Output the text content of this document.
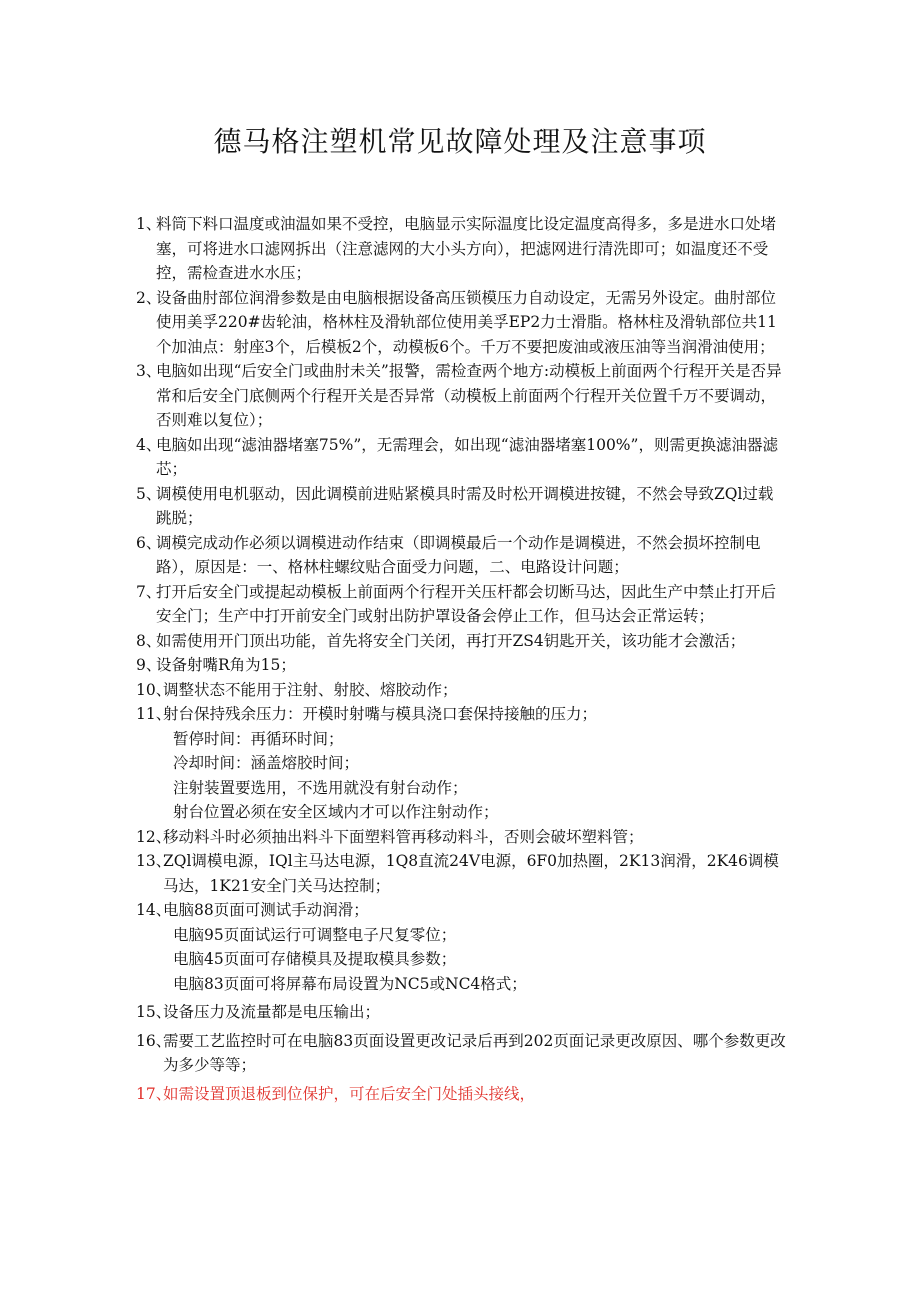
德马格注塑机常见故障处理及注意事项

1、
料筒下料口温度或油温如果不受控，电脑显示实际温度比设定温度高得多，多是进水口处堵塞，可将进水口滤网拆出（注意滤网的大小头方向），把滤网进行清洗即可；如温度还不受控，需检查进水水压；

2、
设备曲肘部位润滑参数是由电脑根据设备高压锁模压力自动设定，无需另外设定。曲肘部位使用美孚220#齿轮油，格林柱及滑轨部位使用美孚EP2力士滑脂。格林柱及滑轨部位共11个加油点：射座3个，后模板2个，动模板6个。千万不要把废油或液压油等当润滑油使用；

3、
电脑如出现“后安全门或曲肘未关”报警，需检查两个地方:动模板上前面两个行程开关是否异常和后安全门底侧两个行程开关是否异常（动模板上前面两个行程开关位置千万不要调动，否则难以复位）；

4、
电脑如出现“滤油器堵塞75%”，无需理会，如出现“滤油器堵塞100%”，则需更换滤油器滤芯；

5、
调模使用电机驱动，因此调模前进贴紧模具时需及时松开调模进按键，不然会导致ZQl过载跳脱；

6、
调模完成动作必须以调模进动作结束（即调模最后一个动作是调模进，不然会损坏控制电路），原因是：一、格林柱螺纹贴合面受力问题，二、电路设计问题；

7、
打开后安全门或提起动模板上前面两个行程开关压杆都会切断马达，因此生产中禁止打开后安全门；生产中打开前安全门或射出防护罩设备会停止工作，但马达会正常运转；

8、
如需使用开门顶出功能，首先将安全门关闭，再打开ZS4钥匙开关，该功能才会激活；

9、
设备射嘴R角为15；

10、
调整状态不能用于注射、射胶、熔胶动作；

11、
射台保持残余压力：开模时射嘴与模具浇口套保持接触的压力；

暂停时间：再循环时间；

冷却时间：涵盖熔胶时间；

注射装置要选用，不选用就没有射台动作；

射台位置必须在安全区域内才可以作注射动作；

12、
移动料斗时必须抽出料斗下面塑料管再移动料斗，否则会破坏塑料管；

13、
ZQl调模电源，IQl主马达电源，1Q8直流24V电源，6F0加热圈，2K13润滑，2K46调模马达，1K21安全门关马达控制；

14、
电脑88页面可测试手动润滑；

电脑95页面试运行可调整电子尺复零位；

电脑45页面可存储模具及提取模具参数；

电脑83页面可将屏幕布局设置为NC5或NC4格式；

15、
设备压力及流量都是电压输出；

16、
需要工艺监控时可在电脑83页面设置更改记录后再到202页面记录更改原因、哪个参数更改为多少等等；

17、
如需设置顶退板到位保护，可在后安全门处插头接线，
